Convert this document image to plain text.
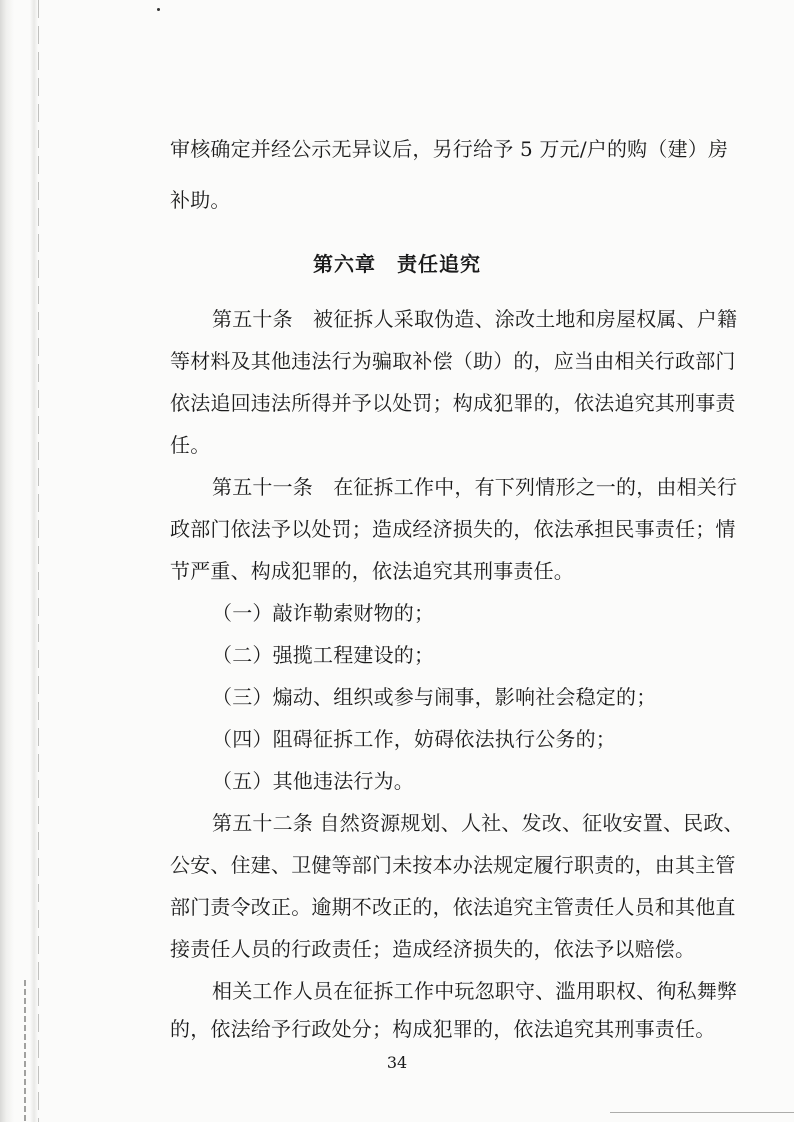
第六章　责任追究
审核确定并经公示无异议后，另行给予 5 万元/户的购（建）房
补助。
第五十条　被征拆人采取伪造、涂改土地和房屋权属、户籍
等材料及其他违法行为骗取补偿（助）的，应当由相关行政部门
依法追回违法所得并予以处罚；构成犯罪的，依法追究其刑事责
任。
第五十一条　在征拆工作中，有下列情形之一的，由相关行
政部门依法予以处罚；造成经济损失的，依法承担民事责任；情
节严重、构成犯罪的，依法追究其刑事责任。
（一）敲诈勒索财物的；
（二）强揽工程建设的；
（三）煽动、组织或参与闹事，影响社会稳定的；
（四）阻碍征拆工作，妨碍依法执行公务的；
（五）其他违法行为。
第五十二条 自然资源规划、人社、发改、征收安置、民政、
公安、住建、卫健等部门未按本办法规定履行职责的，由其主管
部门责令改正。逾期不改正的，依法追究主管责任人员和其他直
接责任人员的行政责任；造成经济损失的，依法予以赔偿。
相关工作人员在征拆工作中玩忽职守、滥用职权、徇私舞弊
的，依法给予行政处分；构成犯罪的，依法追究其刑事责任。
34
